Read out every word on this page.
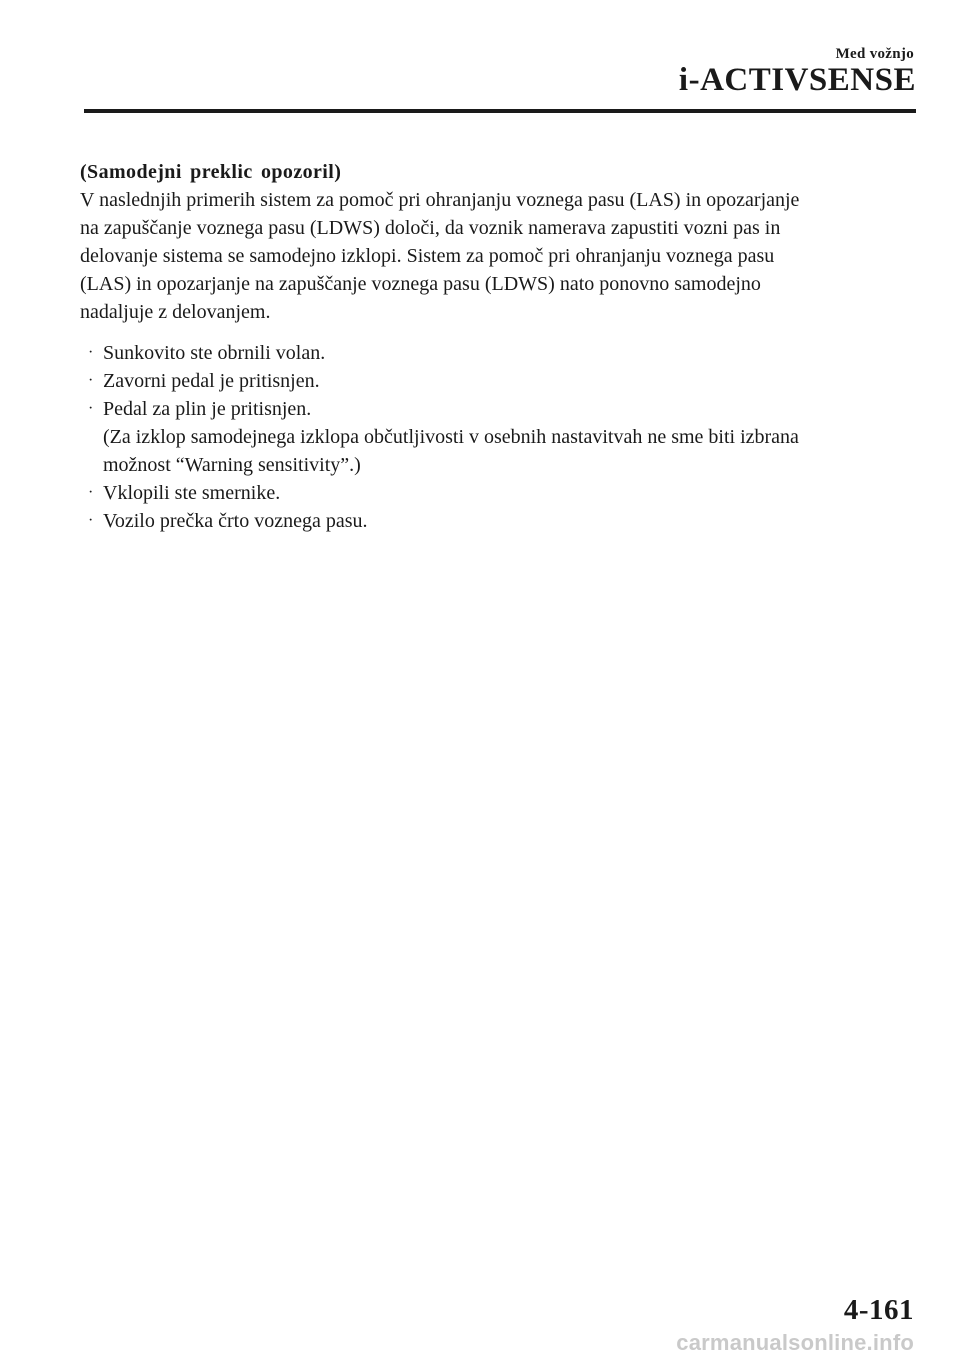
Med vožnjo
i-ACTIVSENSE
(Samodejni preklic opozoril)

V naslednjih primerih sistem za pomoč pri ohranjanju voznega pasu (LAS) in opozarjanje
na zapuščanje voznega pasu (LDWS) določi, da voznik namerava zapustiti vozni pas in
delovanje sistema se samodejno izklopi. Sistem za pomoč pri ohranjanju voznega pasu
(LAS) in opozarjanje na zapuščanje voznega pasu (LDWS) nato ponovno samodejno
nadaljuje z delovanjem.

· Sunkovito ste obrnili volan.
· Zavorni pedal je pritisnjen.
· Pedal za plin je pritisnjen.
(Za izklop samodejnega izklopa občutljivosti v osebnih nastavitvah ne sme biti izbrana
možnost “Warning sensitivity”.)
· Vklopili ste smernike.
· Vozilo prečka črto voznega pasu.
4-161
carmanualsonline.info
